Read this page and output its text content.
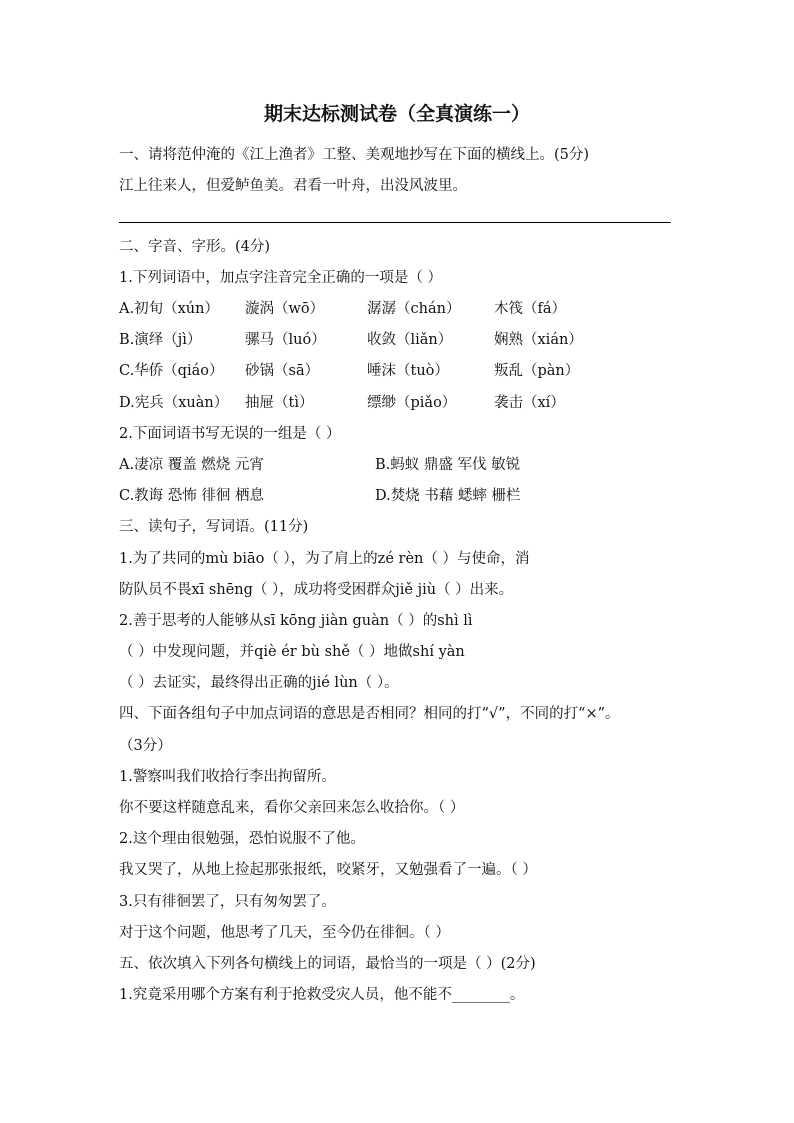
期末达标测试卷（全真演练一）
一、请将范仲淹的《江上渔者》工整、美观地抄写在下面的横线上。(5分)
江上往来人，但爱鲈鱼美。君看一叶舟，出没风波里。
二、字音、字形。(4分)
1.下列词语中，加点字注音完全正确的一项是（ ）
A.初旬（xún） 漩涡（wō）	潺潺（chán） 木筏（fá）
B.演绎（jì）	骡马（luó）	收敛（liǎn）	娴熟（xián）
C.华侨（qiáo） 砂锅（sā）	唾沫（tuò）	叛乱（pàn）
D.宪兵（xuàn） 抽屉（tì）	缥缈（piǎo）	袭击（xí）
2.下面词语书写无误的一组是（ ）
A.凄凉 覆盖 燃烧 元宵	B.蚂蚁 鼎盛 军伐 敏锐
C.教诲 恐怖 徘徊 栖息	D.焚烧 书藉 蟋蟀 栅栏
三、读句子，写词语。(11分)
1.为了共同的mù biāo（ ），为了肩上的zé rèn（ ）与使命，消
防队员不畏xī shēng（ ），成功将受困群众jiě jiù（ ）出来。
2.善于思考的人能够从sī kōng jiàn guàn（ ）的shì lì
（ ）中发现问题，并qiè ér bù shě（ ）地做shí yàn
（ ）去证实，最终得出正确的jié lùn（ ）。
四、下面各组句子中加点词语的意思是否相同？相同的打“√”，不同的打“×”。
（3分）
1.警察叫我们收拾行李出拘留所。
你不要这样随意乱来，看你父亲回来怎么收拾你。（ ）
2.这个理由很勉强，恐怕说服不了他。
我又哭了，从地上捡起那张报纸，咬紧牙，又勉强看了一遍。（ ）
3.只有徘徊罢了，只有匆匆罢了。
对于这个问题，他思考了几天，至今仍在徘徊。（ ）
五、依次填入下列各句横线上的词语，最恰当的一项是（ ）(2分)
1.究竟采用哪个方案有利于抢救受灾人员，他不能不________。
